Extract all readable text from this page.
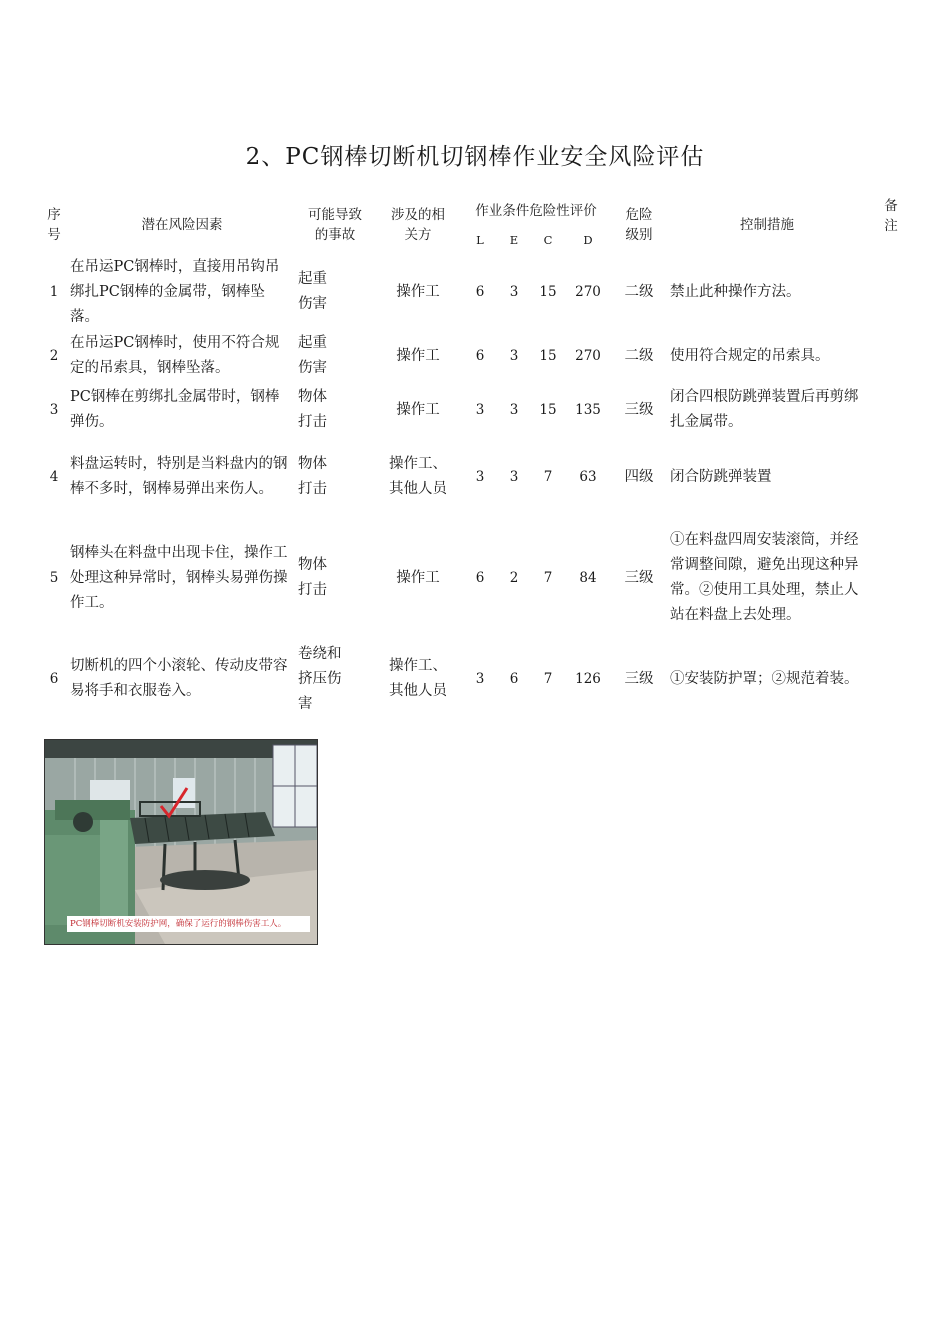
2、PC钢棒切断机切钢棒作业安全风险评估
序号	潜在风险因素	可能导致的事故	涉及的相关方	作业条件危险性评价				危险级别	控制措施	备注

				L	E	C	D			
1	在吊运PC钢棒时，直接用吊钩吊绑扎PC钢棒的金属带，钢棒坠落。	起重伤害	操作工	6	3	15	270	二级	禁止此种操作方法。	
2	在吊运PC钢棒时，使用不符合规定的吊索具，钢棒坠落。	起重伤害	操作工	6	3	15	270	二级	使用符合规定的吊索具。	
3	PC钢棒在剪绑扎金属带时，钢棒弹伤。	物体打击	操作工	3	3	15	135	三级	闭合四根防跳弹装置后再剪绑扎金属带。	
4	料盘运转时，特别是当料盘内的钢棒不多时，钢棒易弹出来伤人。	物体打击	操作工、其他人员	3	3	7	63	四级	闭合防跳弹装置	
5	钢棒头在料盘中出现卡住，操作工处理这种异常时，钢棒头易弹伤操作工。	物体打击	操作工	6	2	7	84	三级	①在料盘四周安装滚筒，并经常调整间隙，避免出现这种异常。②使用工具处理，禁止人站在料盘上去处理。	
6	切断机的四个小滚轮、传动皮带容易将手和衣服卷入。	卷绕和挤压伤害	操作工、其他人员	3	6	7	126	三级	①安装防护罩；②规范着装。	
PC钢棒切断机安装防护网，确保了运行的钢棒伤害工人。
